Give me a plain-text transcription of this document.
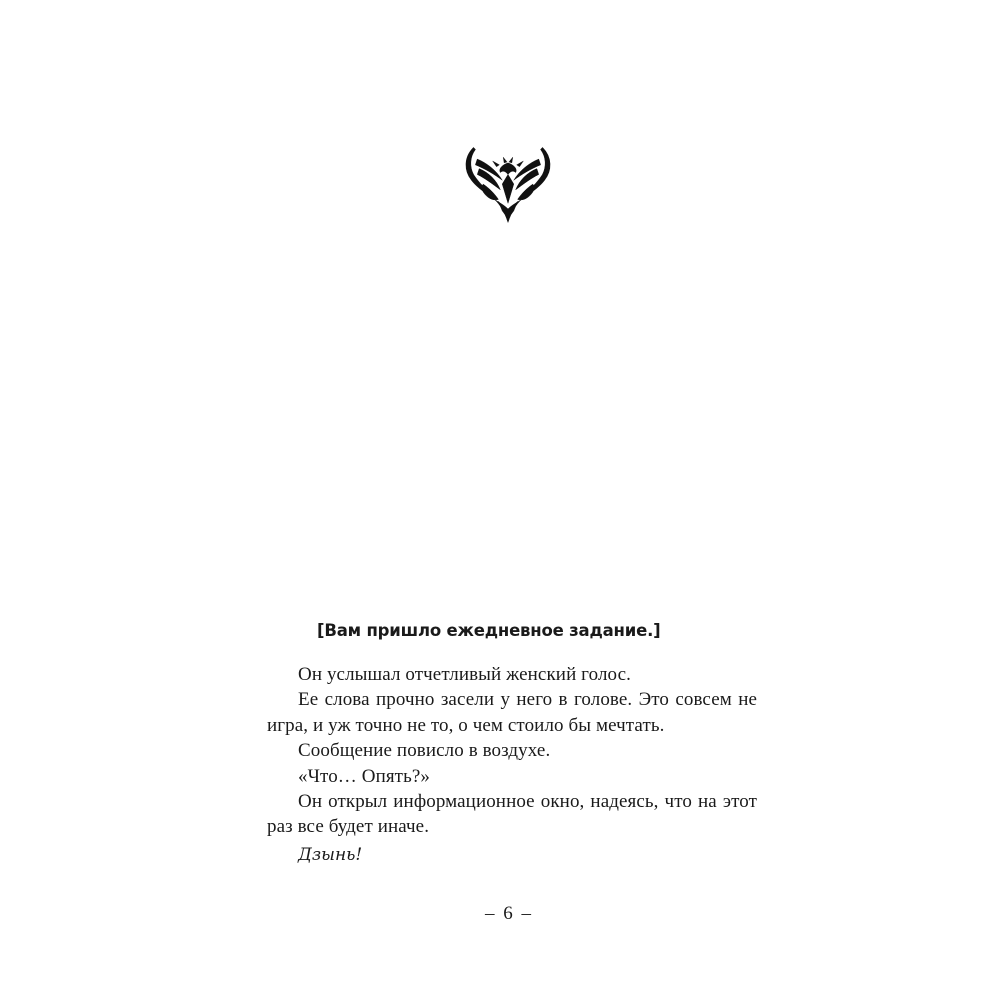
[Вам пришло ежедневное задание.]

Он услышал отчетливый женский голос.

Ее слова прочно засели у него в голове. Это совсем не игра, и уж точно не то, о чем стоило бы мечтать.

Сообщение повисло в воздухе.

«Что… Опять?»

Он открыл информационное окно, надеясь, что на этот раз все будет иначе.

Дзынь!
– 6 –
